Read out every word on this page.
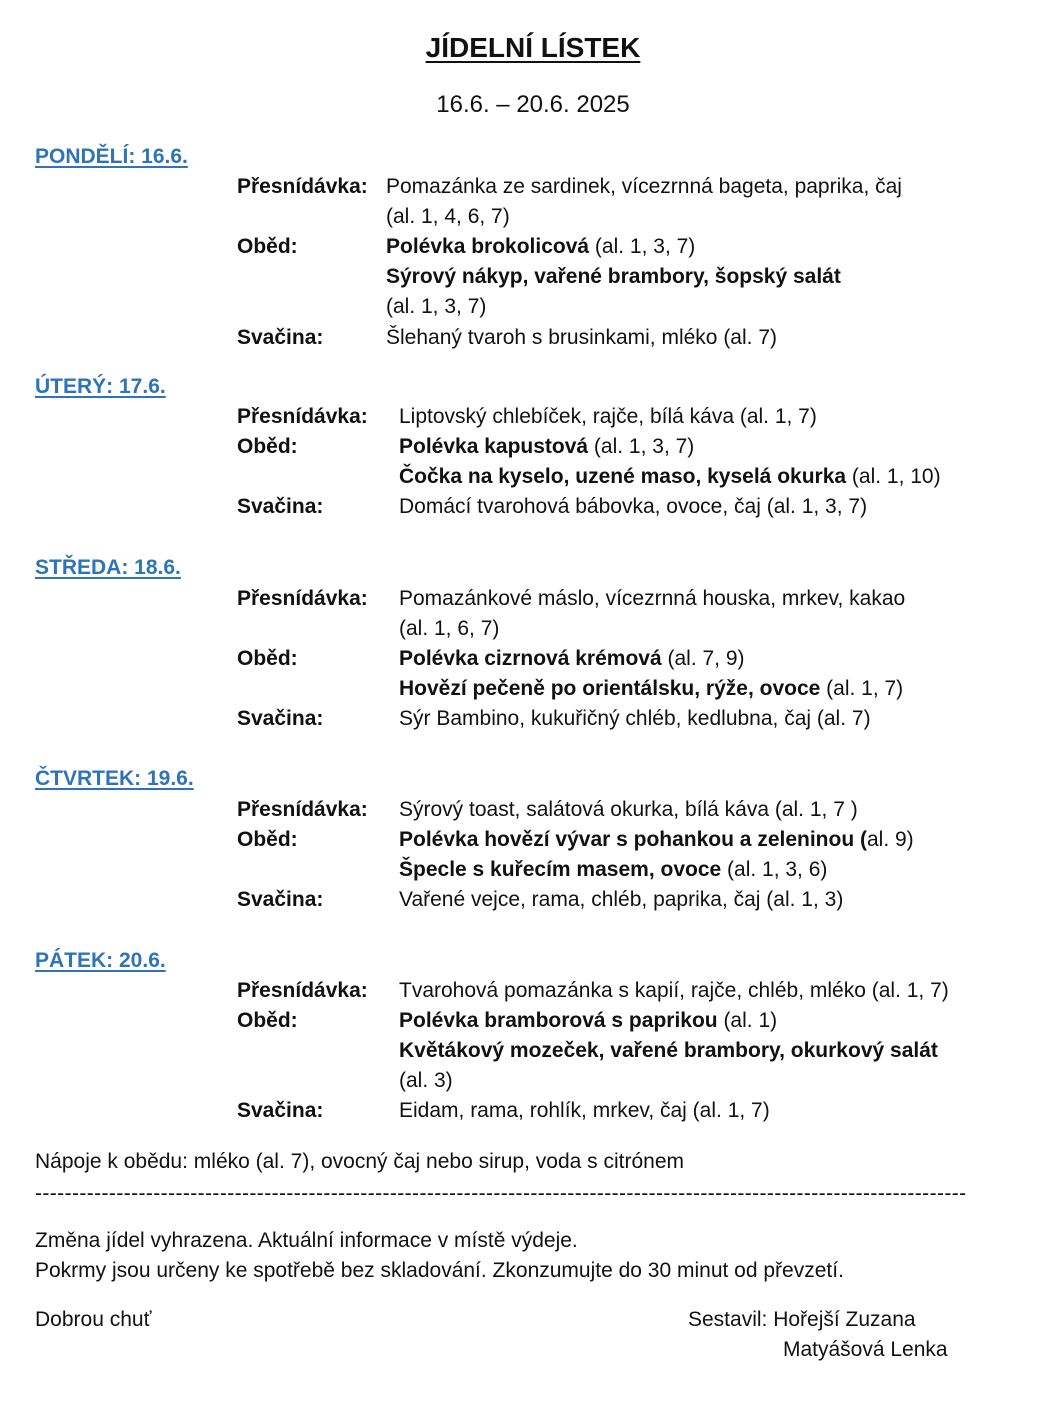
JÍDELNÍ LÍSTEK
16.6. – 20.6. 2025
PONDĚLÍ: 16.6.
Přesnídávka: Pomazánka ze sardinek, vícezrnná bageta, paprika, čaj
(al. 1, 4, 6, 7)
Oběd:	Polévka brokolicová (al. 1, 3, 7)
Sýrový nákyp, vařené brambory, šopský salát
(al. 1, 3, 7)
Svačina:	Šlehaný tvaroh s brusinkami, mléko (al. 7)
ÚTERÝ: 17.6.
Přesnídávka: Liptovský chlebíček, rajče, bílá káva (al. 1, 7)
Oběd:	Polévka kapustová (al. 1, 3, 7)
Čočka na kyselo, uzené maso, kyselá okurka (al. 1, 10)
Svačina:	Domácí tvarohová bábovka, ovoce, čaj (al. 1, 3, 7)
STŘEDA: 18.6.
Přesnídávka: Pomazánkové máslo, vícezrnná houska, mrkev, kakao
(al. 1, 6, 7)
Oběd:	Polévka cizrnová krémová (al. 7, 9)
Hovězí pečeně po orientálsku, rýže, ovoce (al. 1, 7)
Svačina:	Sýr Bambino, kukuřičný chléb, kedlubna, čaj (al. 7)
ČTVRTEK: 19.6.
Přesnídávka: Sýrový toast, salátová okurka, bílá káva (al. 1, 7 )
Oběd:	Polévka hovězí vývar s pohankou a zeleninou (al. 9)
Špecle s kuřecím masem, ovoce (al. 1, 3, 6)
Svačina:	Vařené vejce, rama, chléb, paprika, čaj (al. 1, 3)
PÁTEK: 20.6.
Přesnídávka: Tvarohová pomazánka s kapií, rajče, chléb, mléko (al. 1, 7)
Oběd:	Polévka bramborová s paprikou (al. 1)
Květákový mozeček, vařené brambory, okurkový salát
(al. 3)
Svačina:	Eidam, rama, rohlík, mrkev, čaj (al. 1, 7)
Nápoje k obědu: mléko (al. 7), ovocný čaj nebo sirup, voda s citrónem
------------------------------------------------------------------------------------------------------------------------------
Změna jídel vyhrazena. Aktuální informace v místě výdeje.
Pokrmy jsou určeny ke spotřebě bez skladování. Zkonzumujte do 30 minut od převzetí.
Dobrou chuť	Sestavil: Hořejší Zuzana
Matyášová Lenka
